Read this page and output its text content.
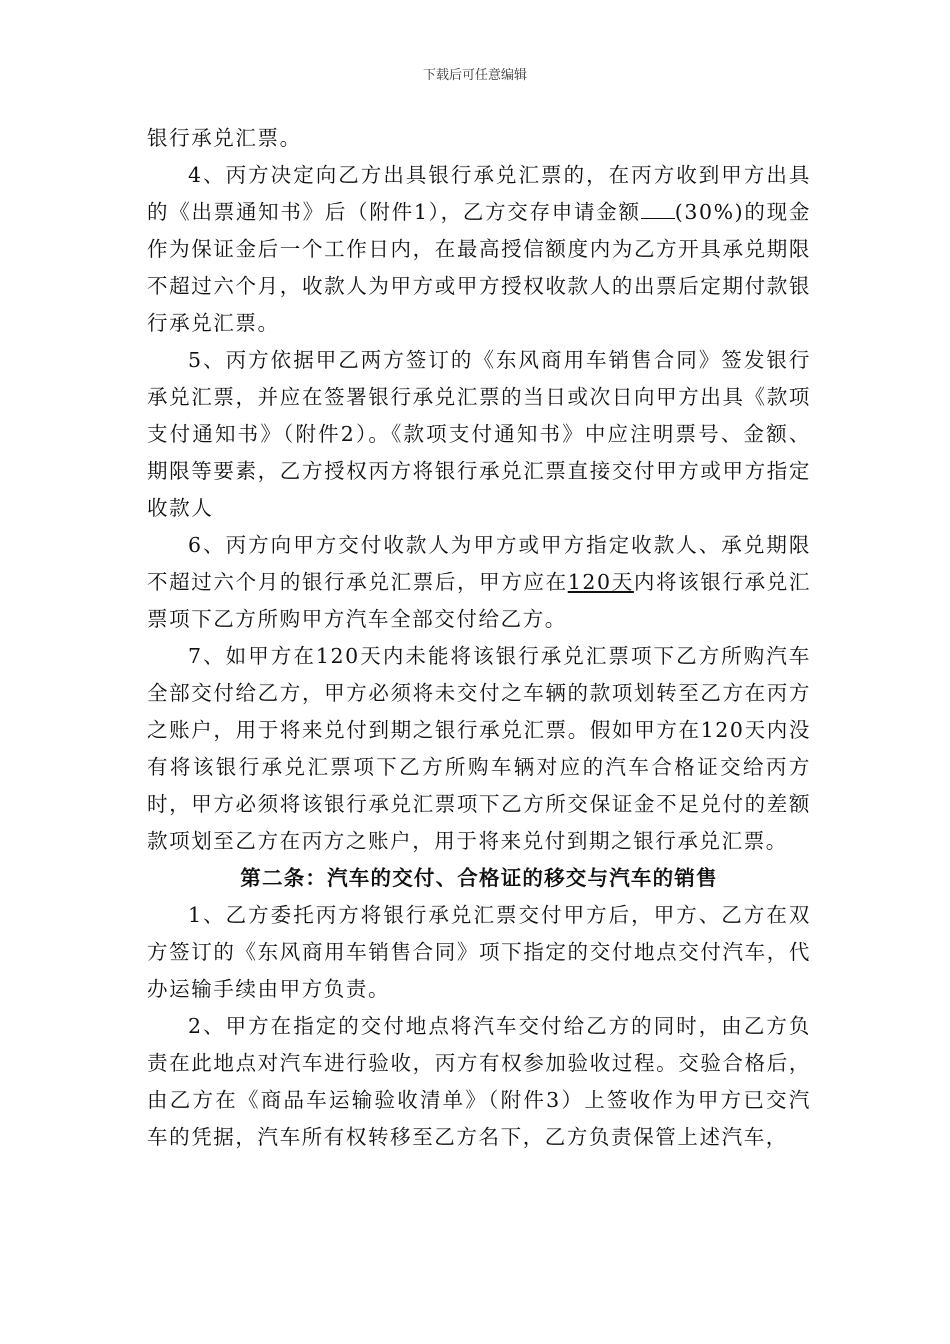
下载后可任意编辑

银行承兑汇票。

4、丙方决定向乙方出具银行承兑汇票的，在丙方收到甲方出具的《出票通知书》后（附件1），乙方交存申请金额 (30%)的现金作为保证金后一个工作日内，在最高授信额度内为乙方开具承兑期限不超过六个月，收款人为甲方或甲方授权收款人的出票后定期付款银行承兑汇票。

5、丙方依据甲乙两方签订的《东风商用车销售合同》签发银行承兑汇票，并应在签署银行承兑汇票的当日或次日向甲方出具《款项支付通知书》（附件2）。《款项支付通知书》中应注明票号、金额、期限等要素，乙方授权丙方将银行承兑汇票直接交付甲方或甲方指定收款人

6、丙方向甲方交付收款人为甲方或甲方指定收款人、承兑期限不超过六个月的银行承兑汇票后，甲方应在120天内将该银行承兑汇票项下乙方所购甲方汽车全部交付给乙方。

7、如甲方在120天内未能将该银行承兑汇票项下乙方所购汽车全部交付给乙方，甲方必须将未交付之车辆的款项划转至乙方在丙方之账户，用于将来兑付到期之银行承兑汇票。假如甲方在120天内没有将该银行承兑汇票项下乙方所购车辆对应的汽车合格证交给丙方时，甲方必须将该银行承兑汇票项下乙方所交保证金不足兑付的差额款项划至乙方在丙方之账户，用于将来兑付到期之银行承兑汇票。

第二条：汽车的交付、合格证的移交与汽车的销售

1、乙方委托丙方将银行承兑汇票交付甲方后，甲方、乙方在双方签订的《东风商用车销售合同》项下指定的交付地点交付汽车，代办运输手续由甲方负责。

2、甲方在指定的交付地点将汽车交付给乙方的同时，由乙方负责在此地点对汽车进行验收，丙方有权参加验收过程。交验合格后，由乙方在《商品车运输验收清单》（附件3）上签收作为甲方已交汽车的凭据，汽车所有权转移至乙方名下，乙方负责保管上述汽车，
